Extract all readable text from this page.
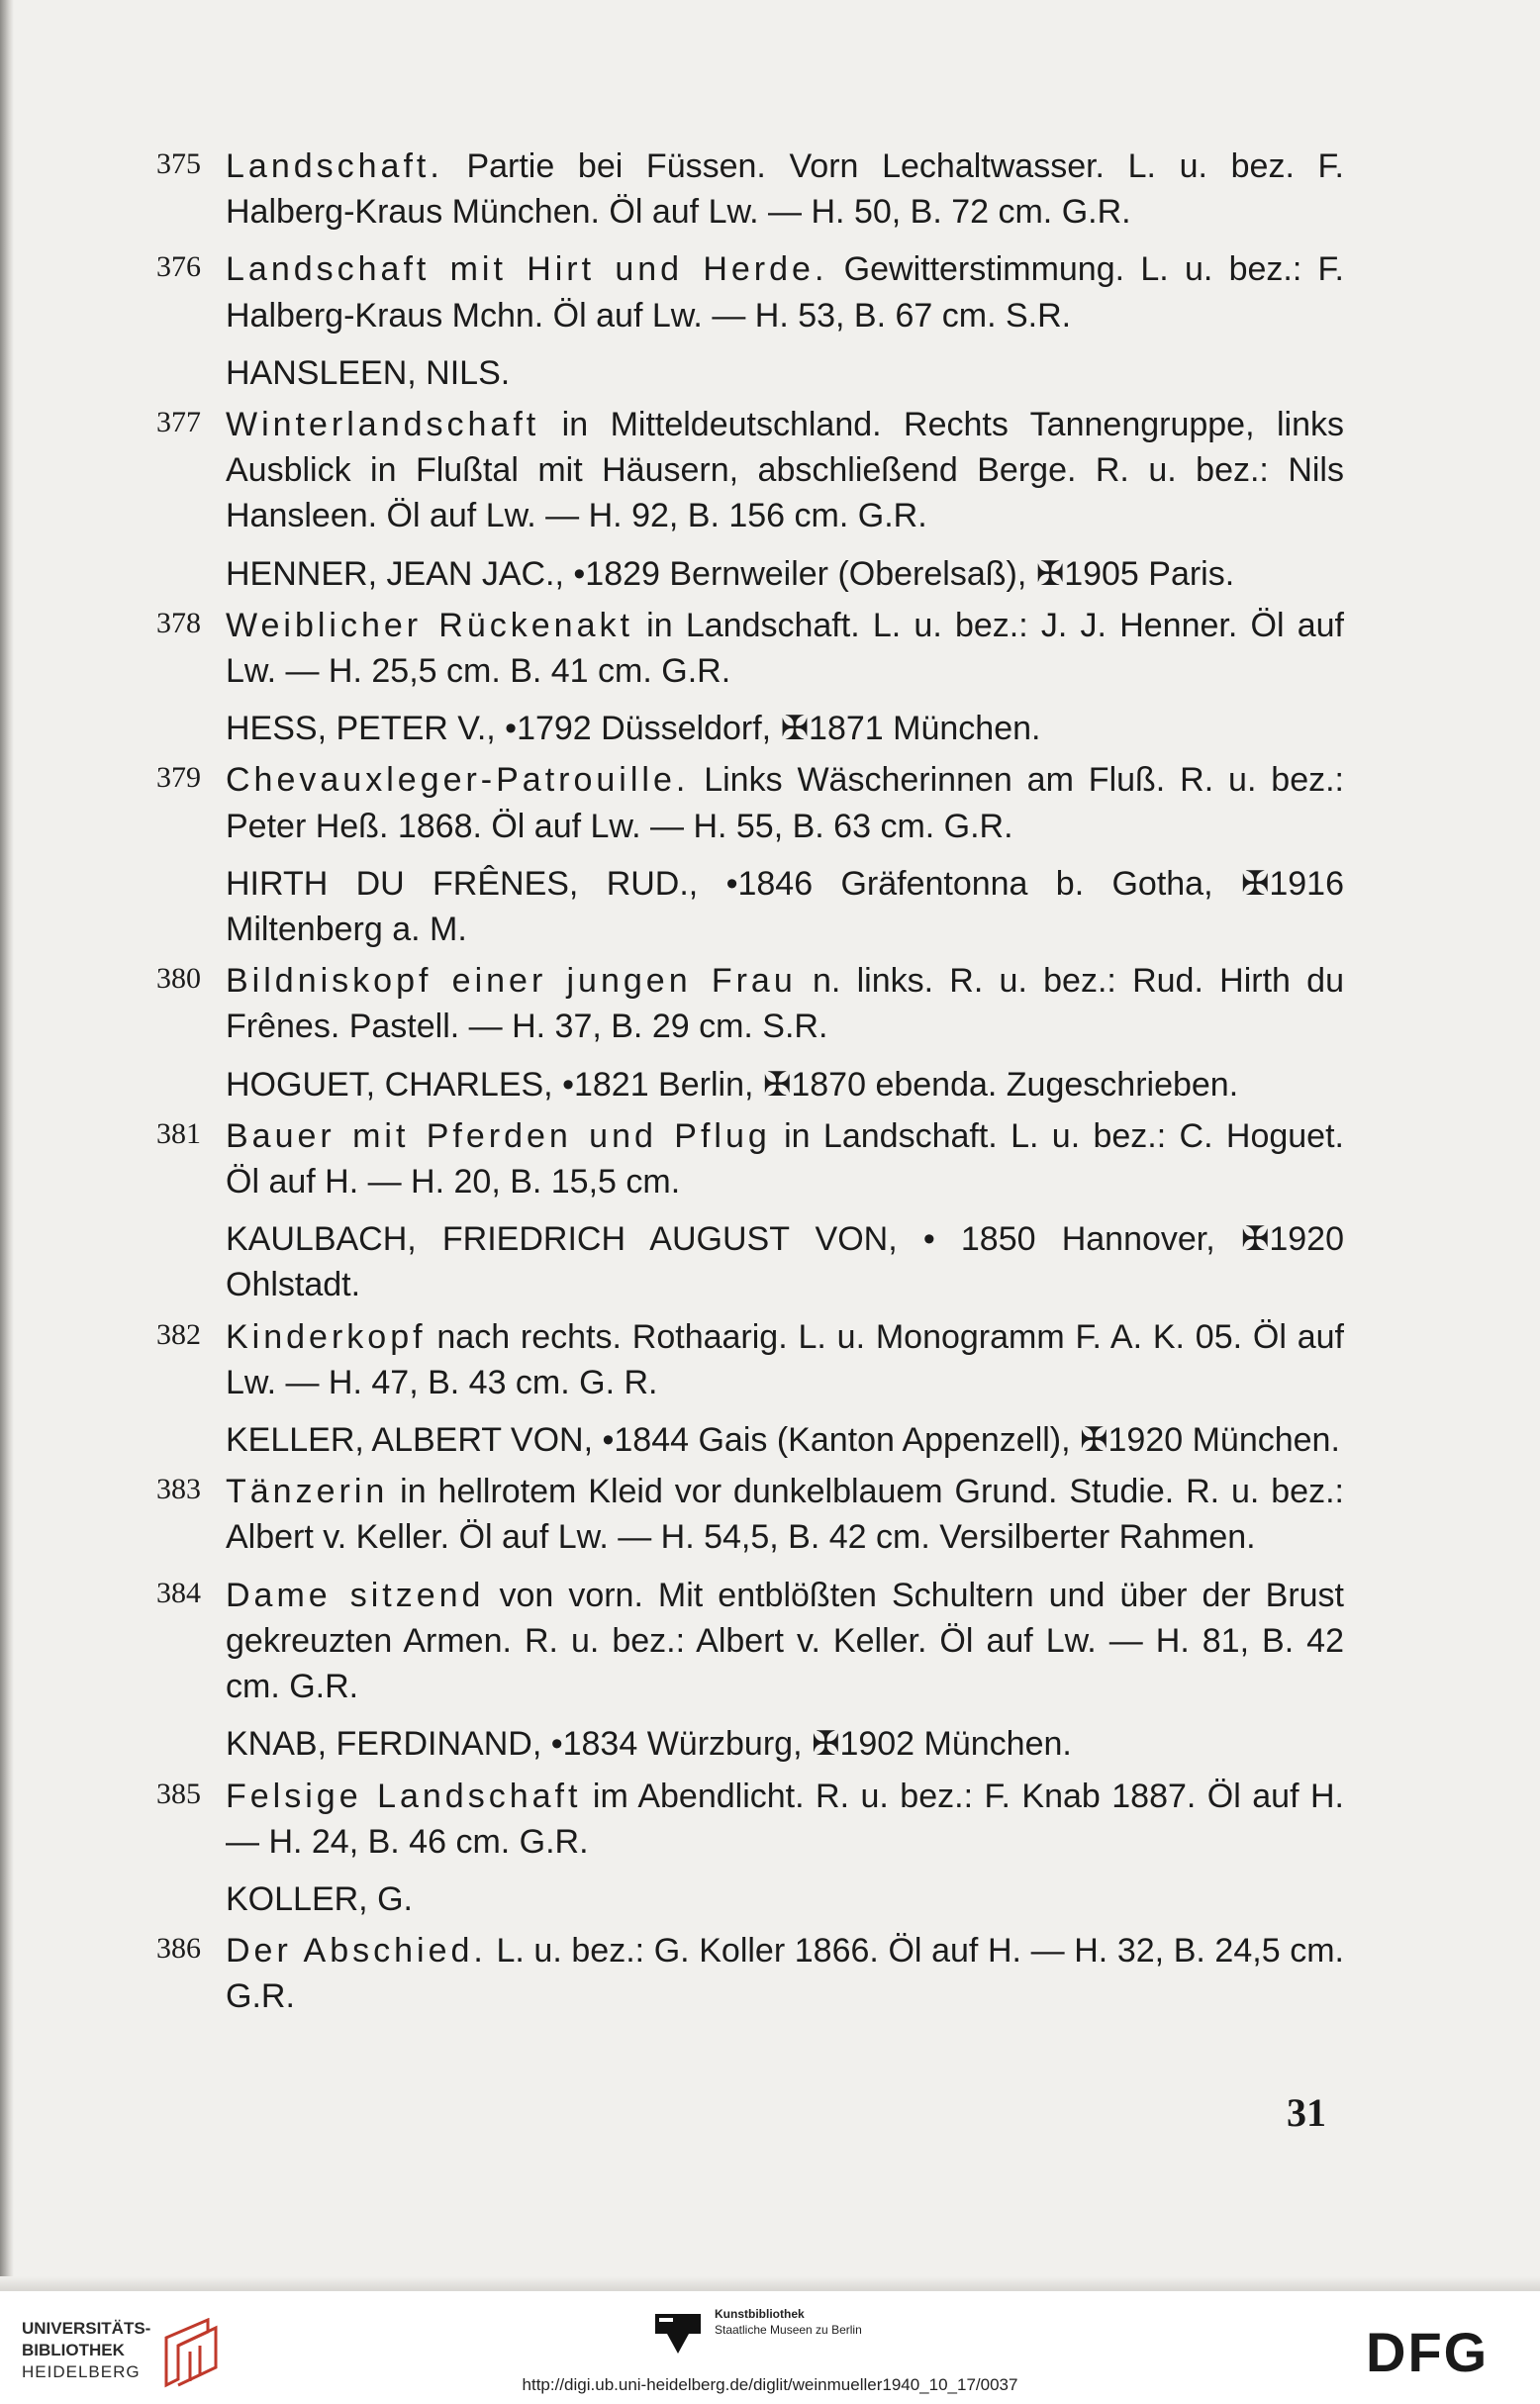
375 Landschaft. Partie bei Füssen. Vorn Lechaltwasser. L. u. bez. F. Halberg-Kraus München. Öl auf Lw. — H. 50, B. 72 cm. G.R.

376 Landschaft mit Hirt und Herde. Gewitterstimmung. L. u. bez.: F. Halberg-Kraus Mchn. Öl auf Lw. — H. 53, B. 67 cm. S.R.

HANSLEEN, NILS.

377 Winterlandschaft in Mitteldeutschland. Rechts Tannengruppe, links Ausblick in Flußtal mit Häusern, abschließend Berge. R. u. bez.: Nils Hansleen. Öl auf Lw. — H. 92, B. 156 cm. G.R.

HENNER, JEAN JAC., •1829 Bernweiler (Oberelsaß), ✠1905 Paris.

378 Weiblicher Rückenakt in Landschaft. L. u. bez.: J. J. Henner. Öl auf Lw. — H. 25,5 cm. B. 41 cm. G.R.

HESS, PETER V., •1792 Düsseldorf, ✠1871 München.

379 Chevauxleger-Patrouille. Links Wäscherinnen am Fluß. R. u. bez.: Peter Heß. 1868. Öl auf Lw. — H. 55, B. 63 cm. G.R.

HIRTH DU FRÊNES, RUD., •1846 Gräfentonna b. Gotha, ✠1916 Miltenberg a. M.

380 Bildniskopf einer jungen Frau n. links. R. u. bez.: Rud. Hirth du Frênes. Pastell. — H. 37, B. 29 cm. S.R.

HOGUET, CHARLES, •1821 Berlin, ✠1870 ebenda. Zugeschrieben.

381 Bauer mit Pferden und Pflug in Landschaft. L. u. bez.: C. Hoguet. Öl auf H. — H. 20, B. 15,5 cm.

KAULBACH, FRIEDRICH AUGUST VON, • 1850 Hannover, ✠1920 Ohlstadt.

382 Kinderkopf nach rechts. Rothaarig. L. u. Monogramm F. A. K. 05. Öl auf Lw. — H. 47, B. 43 cm. G. R.

KELLER, ALBERT VON, •1844 Gais (Kanton Appenzell), ✠1920 München.

383 Tänzerin in hellrotem Kleid vor dunkelblauem Grund. Studie. R. u. bez.: Albert v. Keller. Öl auf Lw. — H. 54,5, B. 42 cm. Versilberter Rahmen.

384 Dame sitzend von vorn. Mit entblößten Schultern und über der Brust gekreuzten Armen. R. u. bez.: Albert v. Keller. Öl auf Lw. — H. 81, B. 42 cm. G.R.

KNAB, FERDINAND, •1834 Würzburg, ✠1902 München.

385 Felsige Landschaft im Abendlicht. R. u. bez.: F. Knab 1887. Öl auf H. — H. 24, B. 46 cm. G.R.

KOLLER, G.

386 Der Abschied. L. u. bez.: G. Koller 1866. Öl auf H. — H. 32, B. 24,5 cm. G.R.

31
UNIVERSITÄTS-
BIBLIOTHEK
HEIDELBERG
Kunstbibliothek
Staatliche Museen zu Berlin	DFG
http://digi.ub.uni-heidelberg.de/diglit/weinmueller1940_10_17/0037
